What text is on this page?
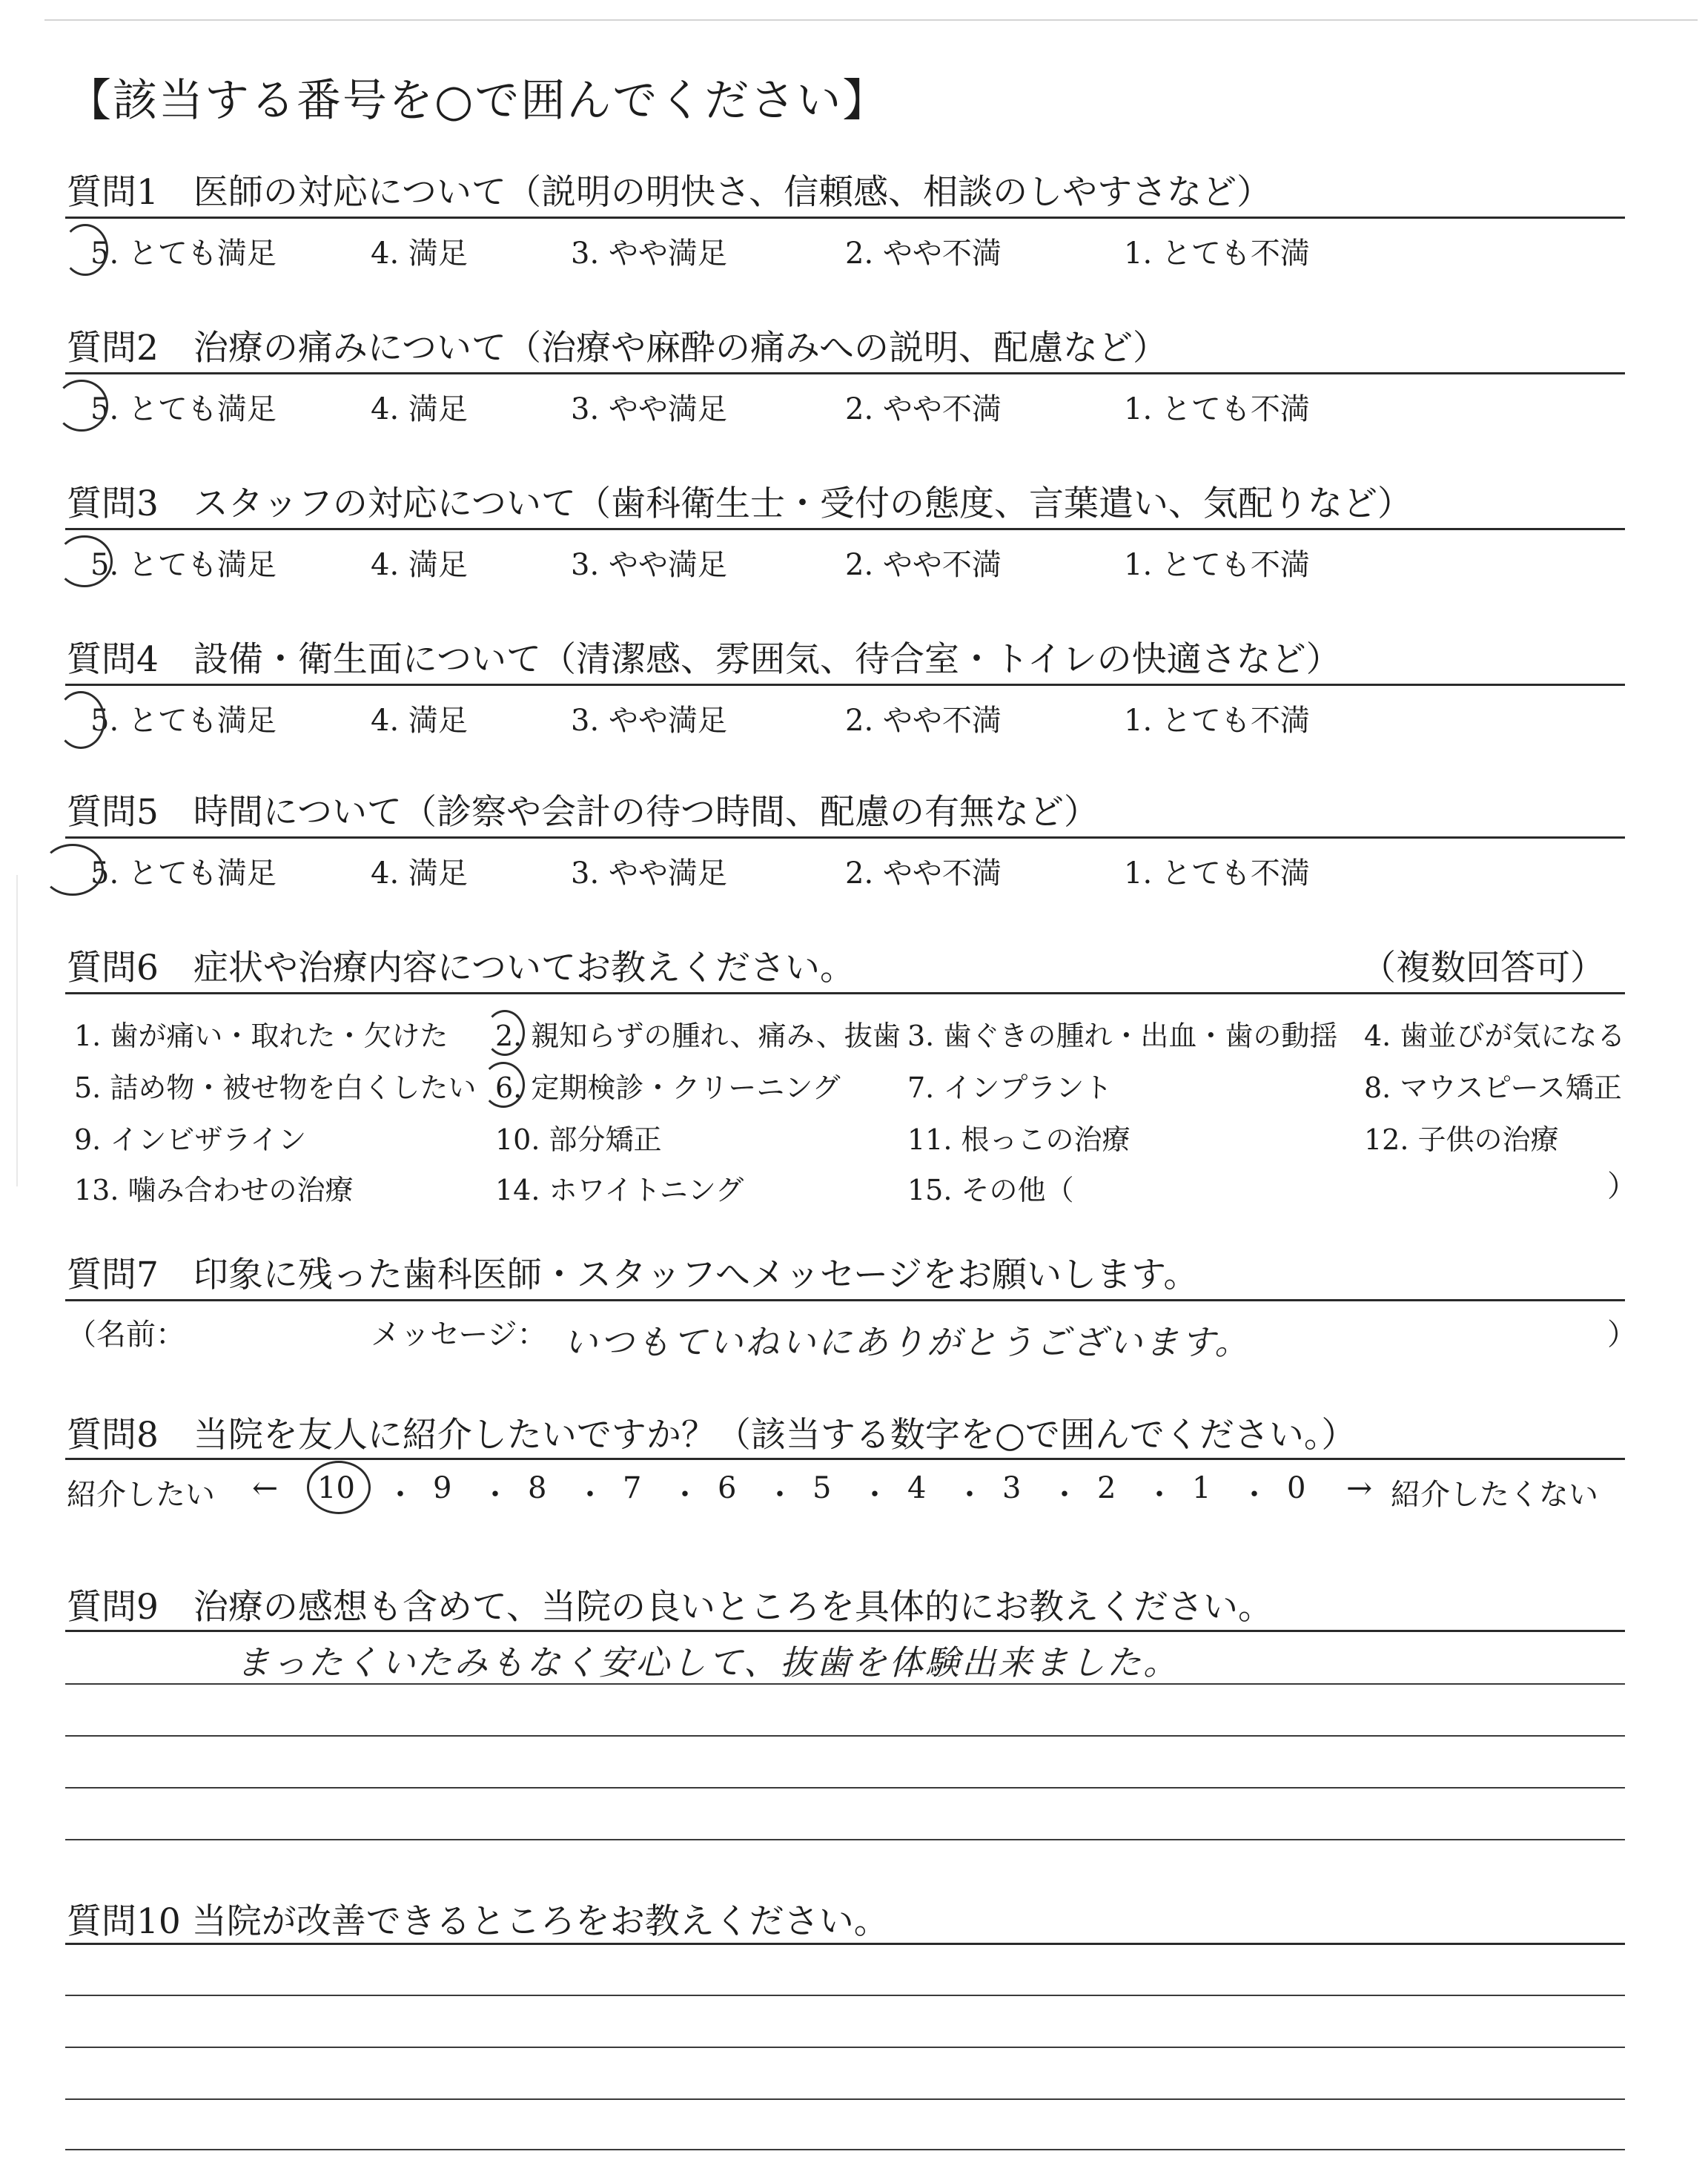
【該当する番号を○で囲んでください】
質問1　医師の対応について（説明の明快さ、信頼感、相談のしやすさなど）
5. とても満足	4. 満足	3. やや満足	2. やや不満	1. とても不満
質問2　治療の痛みについて（治療や麻酔の痛みへの説明、配慮など）
5. とても満足	4. 満足	3. やや満足	2. やや不満	1. とても不満
質問3　スタッフの対応について（歯科衛生士・受付の態度、言葉遣い、気配りなど）
5. とても満足	4. 満足	3. やや満足	2. やや不満	1. とても不満
質問4　設備・衛生面について（清潔感、雰囲気、待合室・トイレの快適さなど）
5. とても満足	4. 満足	3. やや満足	2. やや不満	1. とても不満
質問5　時間について（診察や会計の待つ時間、配慮の有無など）
5. とても満足	4. 満足	3. やや満足	2. やや不満	1. とても不満
質問6　症状や治療内容についてお教えください。	（複数回答可）
1. 歯が痛い・取れた・欠けた 2. 親知らずの腫れ、痛み、抜歯 3. 歯ぐきの腫れ・出血・歯の動揺 4. 歯並びが気になる
5. 詰め物・被せ物を白くしたい 6. 定期検診・クリーニング 7. インプラント	8. マウスピース矯正
9. インビザライン	10. 部分矯正	11. 根っこの治療	12. 子供の治療
13. 噛み合わせの治療	14. ホワイトニング	15. その他（	）
質問7　印象に残った歯科医師・スタッフへメッセージをお願いします。
（名前：	メッセージ： いつもていねいにありがとうございます。	）
質問8　当院を友人に紹介したいですか？（該当する数字を○で囲んでください。）
紹介したい ← 10 ・ 9 ・ 8 ・ 7 ・ 6 ・ 5 ・ 4 ・ 3 ・ 2 ・ 1 ・ 0 → 紹介したくない
質問9　治療の感想も含めて、当院の良いところを具体的にお教えください。
まったくいたみもなく安心して、抜歯を体験出来ました。
質問10 当院が改善できるところをお教えください。
